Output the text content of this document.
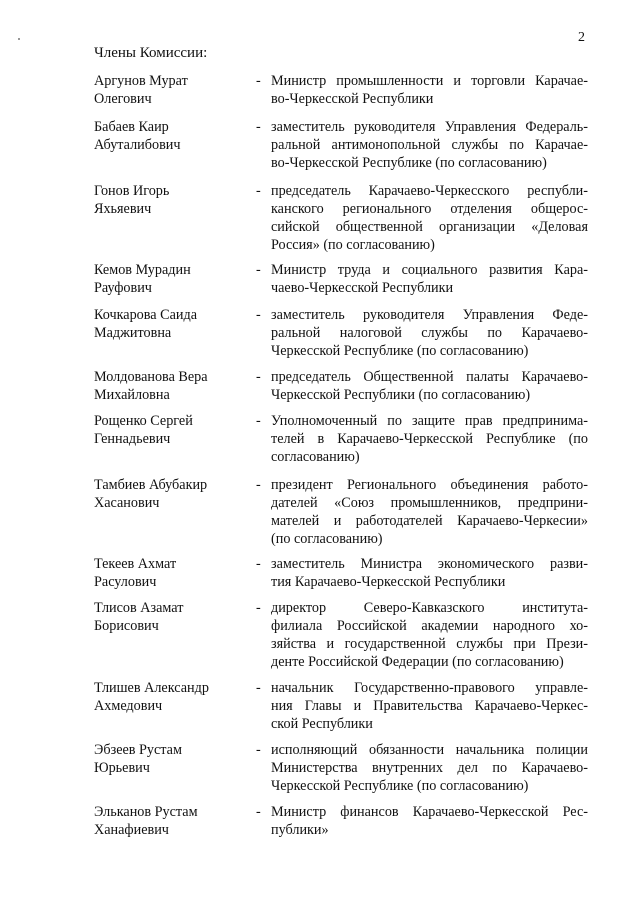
2
Члены Комиссии:
Аргунов Мурат
Олегович
- Министр промышленности и торговли Карачае-
во-Черкесской Республики
Бабаев Каир
Абуталибович
- заместитель руководителя Управления Федераль-
ральной антимонопольной службы по Карачае-
во-Черкесской Республике (по согласованию)
Гонов Игорь
Яхьяевич
- председатель Карачаево-Черкесского республи-
канского регионального отделения общерос-
сийской общественной организации «Деловая
Россия» (по согласованию)
Кемов Мурадин
Рауфович
- Министр труда и социального развития Кара-
чаево-Черкесской Республики
Кочкарова Саида
Маджитовна
- заместитель руководителя Управления Феде-
ральной налоговой службы по Карачаево-
Черкесской Республике (по согласованию)
Молдованова Вера
Михайловна
- председатель Общественной палаты Карачаево-
Черкесской Республики (по согласованию)
Рощенко Сергей
Геннадьевич
- Уполномоченный по защите прав предпринима-
телей в Карачаево-Черкесской Республике (по
согласованию)
Тамбиев Абубакир
Хасанович
- президент Регионального объединения работо-
дателей «Союз промышленников, предприни-
мателей и работодателей Карачаево-Черкесии»
(по согласованию)
Текеев Ахмат
Расулович
- заместитель Министра экономического разви-
тия Карачаево-Черкесской Республики
Тлисов Азамат
Борисович
- директор Северо-Кавказского института-
филиала Российской академии народного хо-
зяйства и государственной службы при Прези-
денте Российской Федерации (по согласованию)
Тлишев Александр
Ахмедович
- начальник Государственно-правового управле-
ния Главы и Правительства Карачаево-Черкес-
ской Республики
Эбзеев Рустам
Юрьевич
- исполняющий обязанности начальника полиции
Министерства внутренних дел по Карачаево-
Черкесской Республике (по согласованию)
Эльканов Рустам
Ханафиевич
- Министр финансов Карачаево-Черкесской Рес-
публики»
